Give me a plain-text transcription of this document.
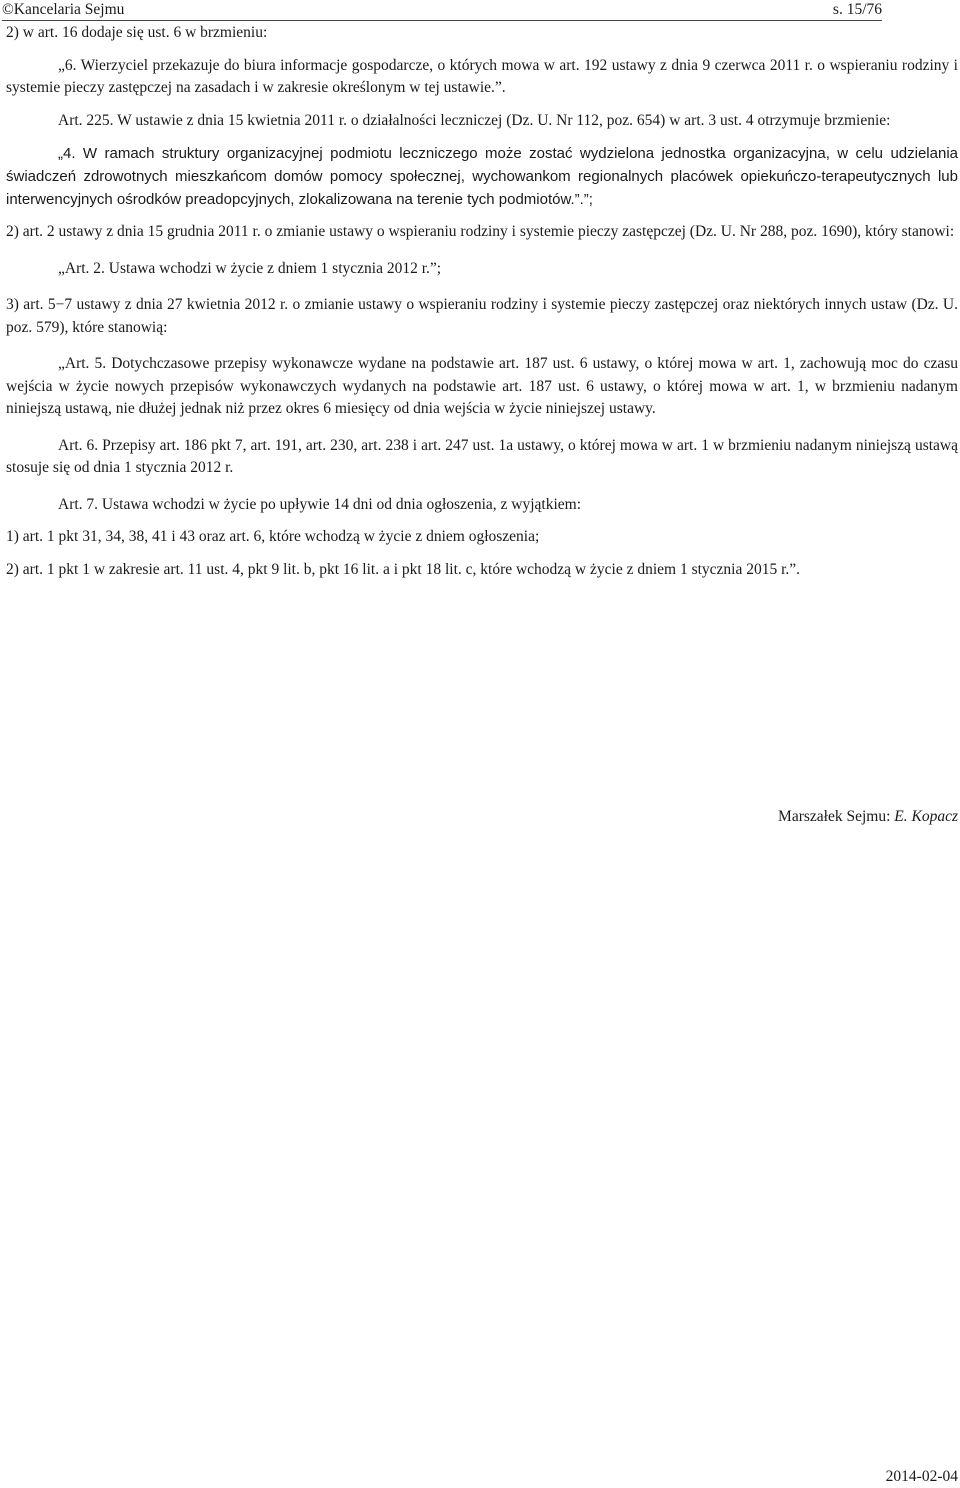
©Kancelaria Sejmu	s. 15/76

2) w art. 16 dodaje się ust. 6 w brzmieniu:

„6. Wierzyciel przekazuje do biura informacje gospodarcze, o których mowa w art. 192 ustawy z dnia 9 czerwca 2011 r. o wspieraniu rodziny i systemie pieczy zastępczej na zasadach i w zakresie określonym w tej ustawie.”.

Art. 225. W ustawie z dnia 15 kwietnia 2011 r. o działalności leczniczej (Dz. U. Nr 112, poz. 654) w art. 3 ust. 4 otrzymuje brzmienie:

„4. W ramach struktury organizacyjnej podmiotu leczniczego może zostać wydzielona jednostka organizacyjna, w celu udzielania świadczeń zdrowotnych mieszkańcom domów pomocy społecznej, wychowankom regionalnych placówek opiekuńczo-terapeutycznych lub interwencyjnych ośrodków preadopcyjnych, zlokalizowana na terenie tych podmiotów.”.”;

2) art. 2 ustawy z dnia 15 grudnia 2011 r. o zmianie ustawy o wspieraniu rodziny i systemie pieczy zastępczej (Dz. U. Nr 288, poz. 1690), który stanowi:

„Art. 2. Ustawa wchodzi w życie z dniem 1 stycznia 2012 r.”;

3) art. 5−7 ustawy z dnia 27 kwietnia 2012 r. o zmianie ustawy o wspieraniu rodziny i systemie pieczy zastępczej oraz niektórych innych ustaw (Dz. U. poz. 579), które stanowią:

„Art. 5. Dotychczasowe przepisy wykonawcze wydane na podstawie art. 187 ust. 6 ustawy, o której mowa w art. 1, zachowują moc do czasu wejścia w życie nowych przepisów wykonawczych wydanych na podstawie art. 187 ust. 6 ustawy, o której mowa w art. 1, w brzmieniu nadanym niniejszą ustawą, nie dłużej jednak niż przez okres 6 miesięcy od dnia wejścia w życie niniejszej ustawy.

Art. 6. Przepisy art. 186 pkt 7, art. 191, art. 230, art. 238 i art. 247 ust. 1a ustawy, o której mowa w art. 1 w brzmieniu nadanym niniejszą ustawą stosuje się od dnia 1 stycznia 2012 r.

Art. 7. Ustawa wchodzi w życie po upływie 14 dni od dnia ogłoszenia, z wyjątkiem:

1) art. 1 pkt 31, 34, 38, 41 i 43 oraz art. 6, które wchodzą w życie z dniem ogłoszenia;

2) art. 1 pkt 1 w zakresie art. 11 ust. 4, pkt 9 lit. b, pkt 16 lit. a i pkt 18 lit. c, które wchodzą w życie z dniem 1 stycznia 2015 r.”.

Marszałek Sejmu: E. Kopacz
2014-02-04
